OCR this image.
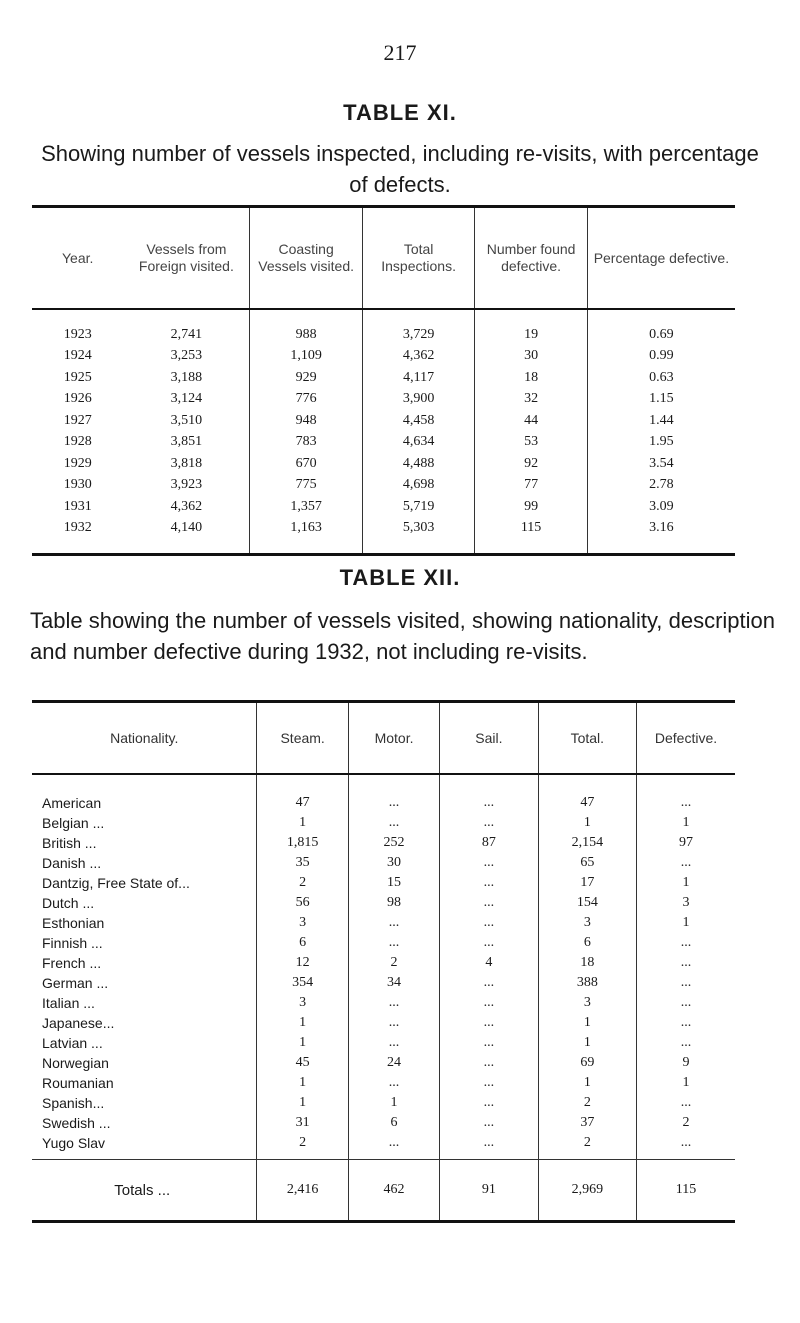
217
TABLE XI.
Showing number of vessels inspected, including re-visits, with percentage of defects.
Year.	Vessels from Foreign visited.	Coasting Vessels visited.	Total Inspections.	Number found defective.	Percentage defective.
1923	2,741	988	3,729	19	0.69
1924	3,253	1,109	4,362	30	0.99
1925	3,188	929	4,117	18	0.63
1926	3,124	776	3,900	32	1.15
1927	3,510	948	4,458	44	1.44
1928	3,851	783	4,634	53	1.95
1929	3,818	670	4,488	92	3.54
1930	3,923	775	4,698	77	2.78
1931	4,362	1,357	5,719	99	3.09
1932	4,140	1,163	5,303	115	3.16
TABLE XII.
Table showing the number of vessels visited, showing nationality, description and number defective during 1932, not including re-visits.
Nationality.	Steam.	Motor.	Sail.	Total.	Defective.
American	47	...	...	47	...
Belgian ...	1	...	...	1	1
British ...	1,815	252	87	2,154	97
Danish ...	35	30	...	65	...
Dantzig, Free State of...	2	15	...	17	1
Dutch ...	56	98	...	154	3
Esthonian	3	...	...	3	1
Finnish ...	6	...	...	6	...
French ...	12	2	4	18	...
German ...	354	34	...	388	...
Italian ...	3	...	...	3	...
Japanese...	1	...	...	1	...
Latvian ...	1	...	...	1	...
Norwegian	45	24	...	69	9
Roumanian	1	...	...	1	1
Spanish...	1	1	...	2	...
Swedish ...	31	6	...	37	2
Yugo Slav	2	...	...	2	...
Totals ...	2,416	462	91	2,969	115
